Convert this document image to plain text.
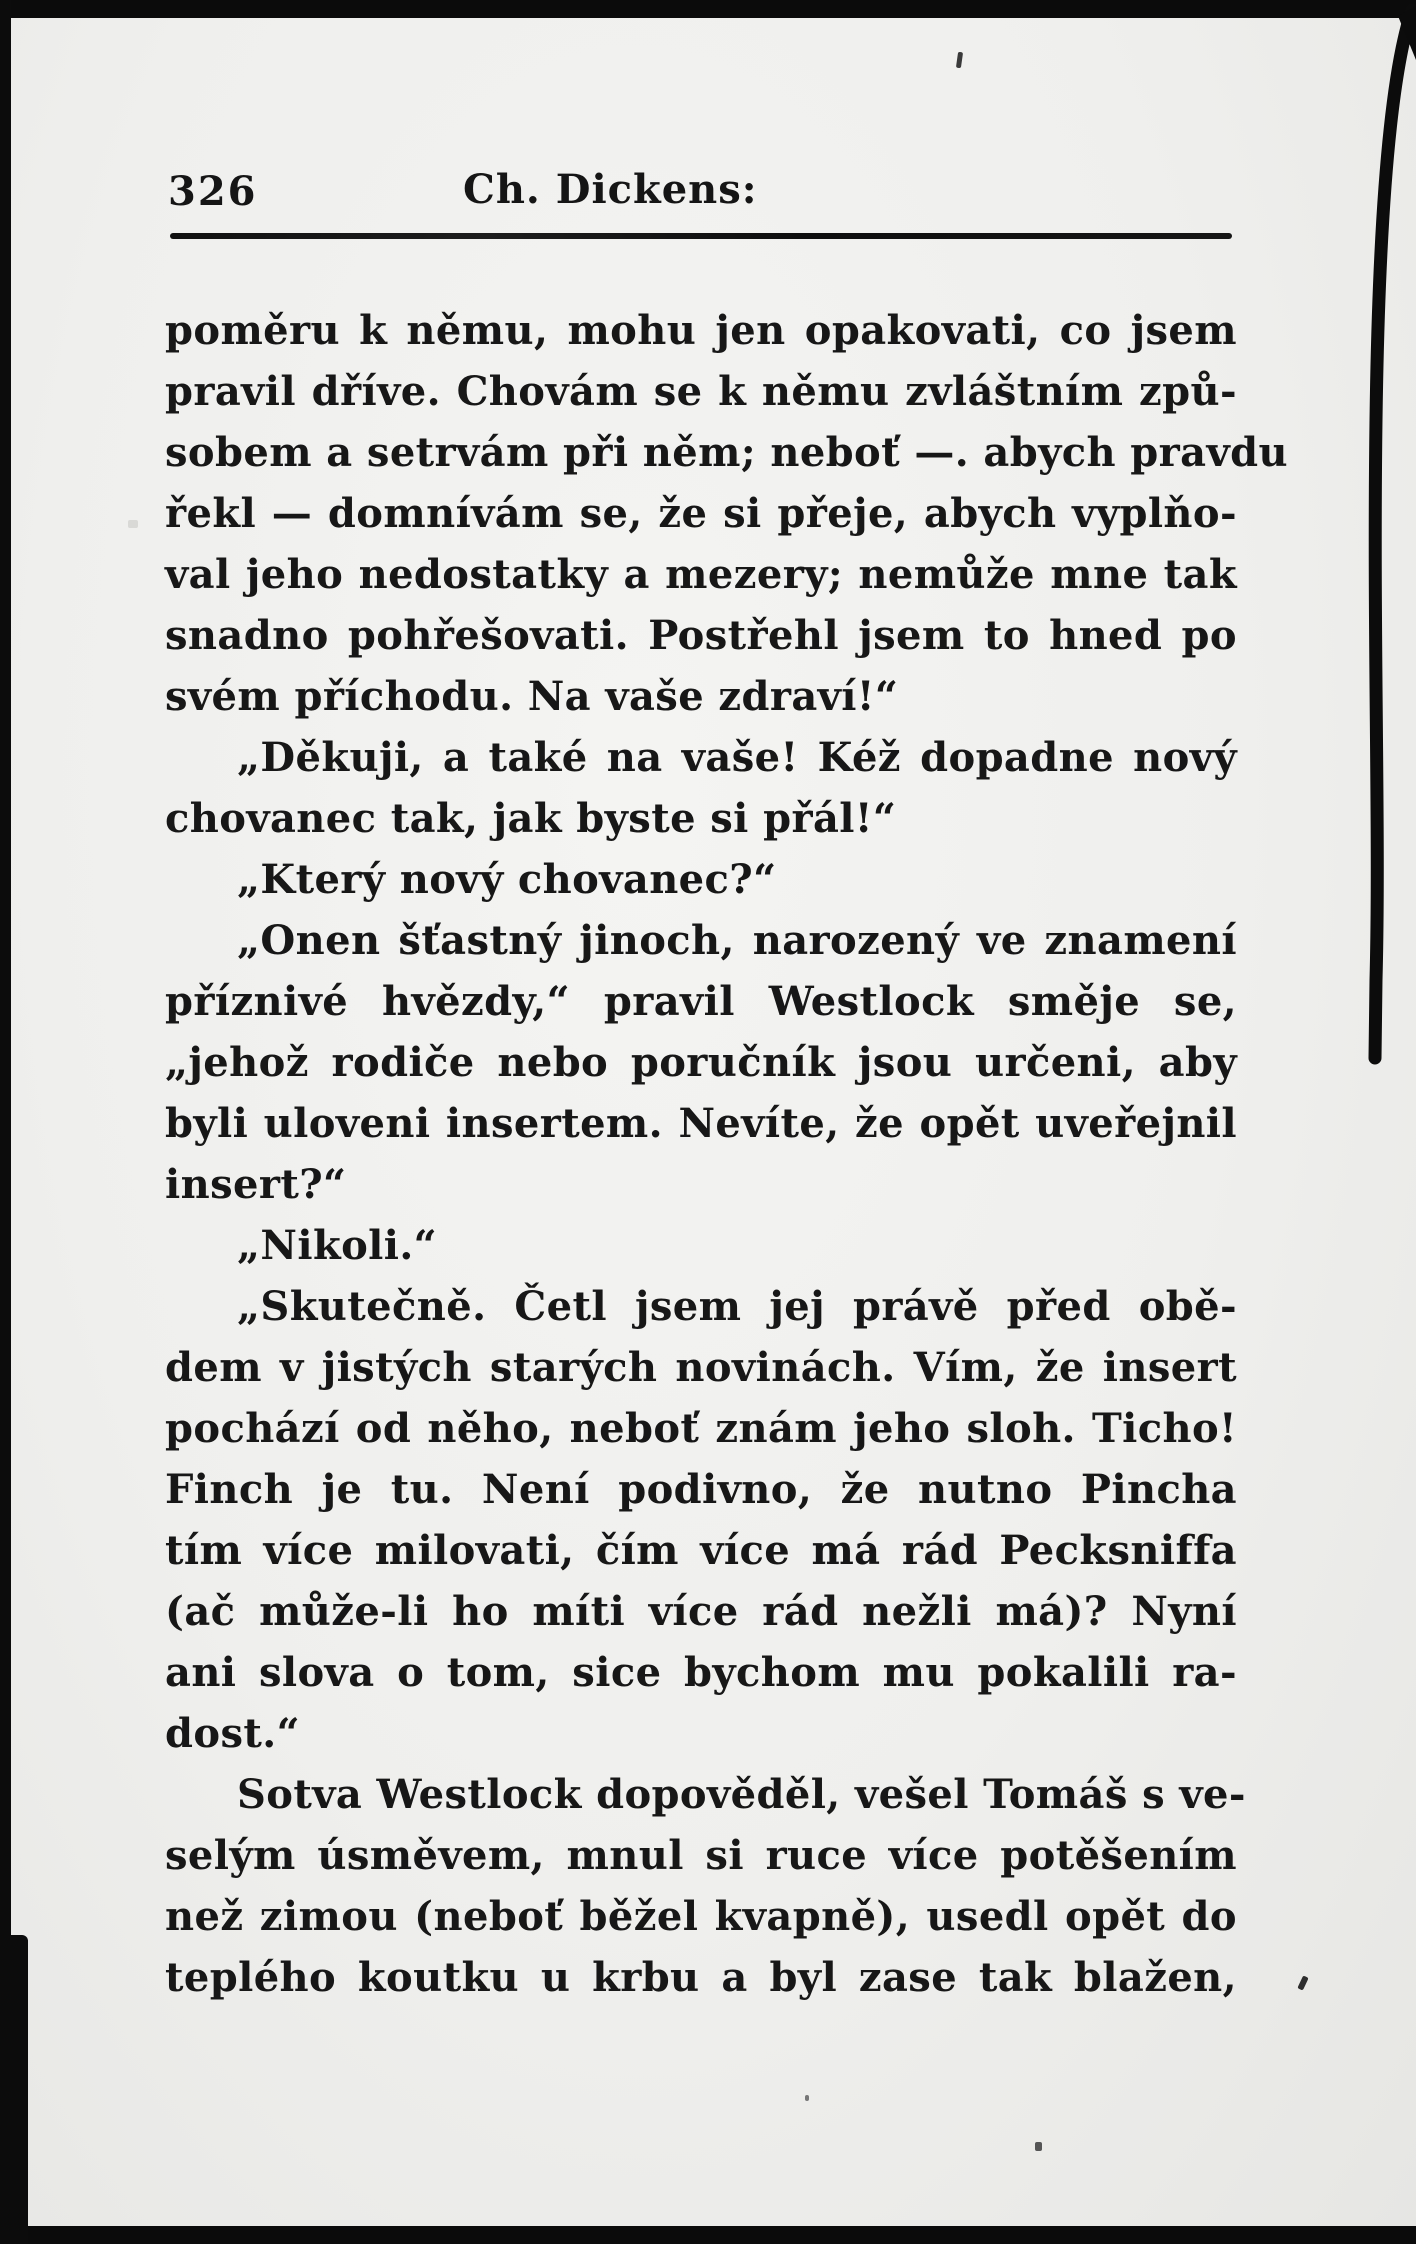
326	Ch. Dickens:
poměru k němu, mohu jen opakovati, co jsem
pravil dříve. Chovám se k němu zvláštním způ-
sobem a setrvám při něm; neboť —. abych pravdu
řekl — domnívám se, že si přeje, abych vyplňo-
val jeho nedostatky a mezery; nemůže mne tak
snadno pohřešovati. Postřehl jsem to hned po
svém příchodu. Na vaše zdraví!“
„Děkuji, a také na vaše! Kéž dopadne nový
chovanec tak, jak byste si přál!“
„Který nový chovanec?“
„Onen šťastný jinoch, narozený ve znamení
příznivé hvězdy,“ pravil Westlock směje se,
„jehož rodiče nebo poručník jsou určeni, aby
byli uloveni insertem. Nevíte, že opět uveřejnil
insert?“
„Nikoli.“
„Skutečně. Četl jsem jej právě před obě-
dem v jistých starých novinách. Vím, že insert
pochází od něho, neboť znám jeho sloh. Ticho!
Finch je tu. Není podivno, že nutno Pincha
tím více milovati, čím více má rád Pecksniffa
(ač může-li ho míti více rád nežli má)? Nyní
ani slova o tom, sice bychom mu pokalili ra-
dost.“
Sotva Westlock dopověděl, vešel Tomáš s ve-
selým úsměvem, mnul si ruce více potěšením
než zimou (neboť běžel kvapně), usedl opět do
teplého koutku u krbu a byl zase tak blažen,
